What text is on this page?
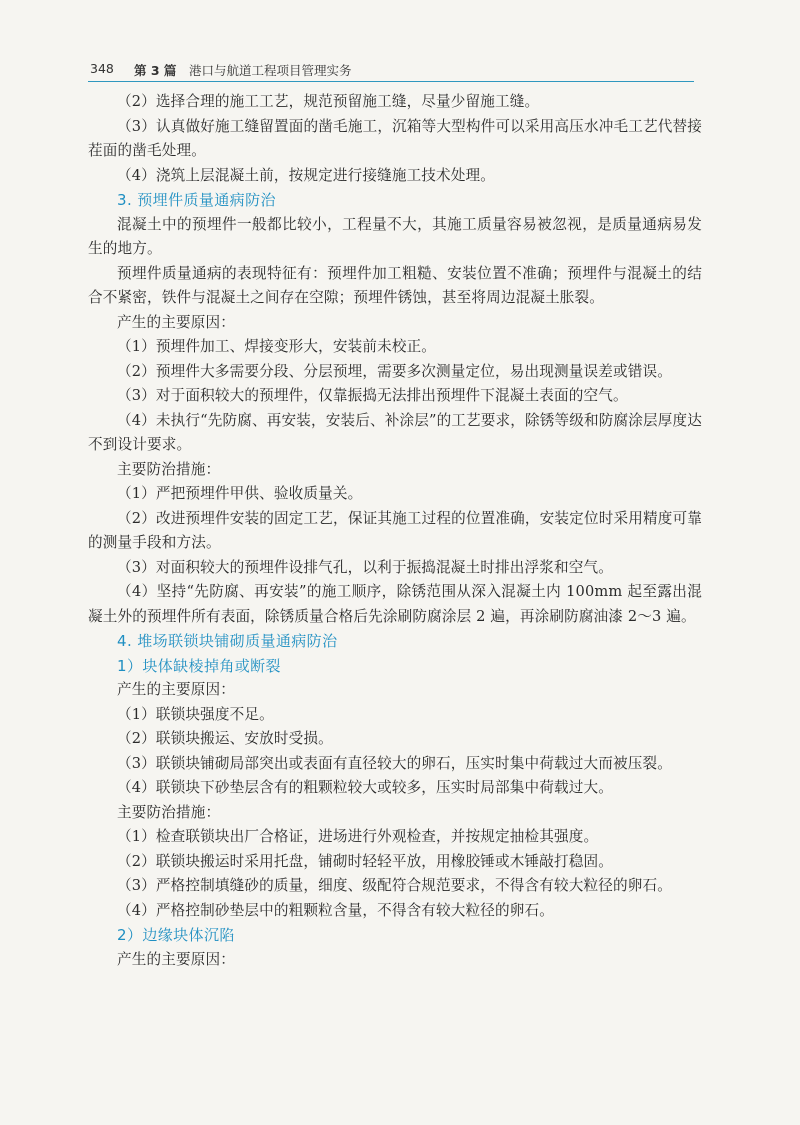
348 第 3 篇 港口与航道工程项目管理实务

（2）选择合理的施工工艺，规范预留施工缝，尽量少留施工缝。

（3）认真做好施工缝留置面的凿毛施工，沉箱等大型构件可以采用高压水冲毛工艺代替接茬面的凿毛处理。

（4）浇筑上层混凝土前，按规定进行接缝施工技术处理。

3. 预埋件质量通病防治

混凝土中的预埋件一般都比较小，工程量不大，其施工质量容易被忽视，是质量通病易发生的地方。

预埋件质量通病的表现特征有：预埋件加工粗糙、安装位置不准确；预埋件与混凝土的结合不紧密，铁件与混凝土之间存在空隙；预埋件锈蚀，甚至将周边混凝土胀裂。

产生的主要原因：

（1）预埋件加工、焊接变形大，安装前未校正。

（2）预埋件大多需要分段、分层预埋，需要多次测量定位，易出现测量误差或错误。

（3）对于面积较大的预埋件，仅靠振捣无法排出预埋件下混凝土表面的空气。

（4）未执行“先防腐、再安装，安装后、补涂层”的工艺要求，除锈等级和防腐涂层厚度达不到设计要求。

主要防治措施：

（1）严把预埋件甲供、验收质量关。

（2）改进预埋件安装的固定工艺，保证其施工过程的位置准确，安装定位时采用精度可靠的测量手段和方法。

（3）对面积较大的预埋件设排气孔，以利于振捣混凝土时排出浮浆和空气。

（4）坚持“先防腐、再安装”的施工顺序，除锈范围从深入混凝土内 100mm 起至露出混凝土外的预埋件所有表面，除锈质量合格后先涂刷防腐涂层 2 遍，再涂刷防腐油漆 2～3 遍。

4. 堆场联锁块铺砌质量通病防治

1）块体缺棱掉角或断裂

产生的主要原因：

（1）联锁块强度不足。

（2）联锁块搬运、安放时受损。

（3）联锁块铺砌局部突出或表面有直径较大的卵石，压实时集中荷载过大而被压裂。

（4）联锁块下砂垫层含有的粗颗粒较大或较多，压实时局部集中荷载过大。

主要防治措施：

（1）检查联锁块出厂合格证，进场进行外观检查，并按规定抽检其强度。

（2）联锁块搬运时采用托盘，铺砌时轻轻平放，用橡胶锤或木锤敲打稳固。

（3）严格控制填缝砂的质量，细度、级配符合规范要求，不得含有较大粒径的卵石。

（4）严格控制砂垫层中的粗颗粒含量，不得含有较大粒径的卵石。

2）边缘块体沉陷

产生的主要原因：
